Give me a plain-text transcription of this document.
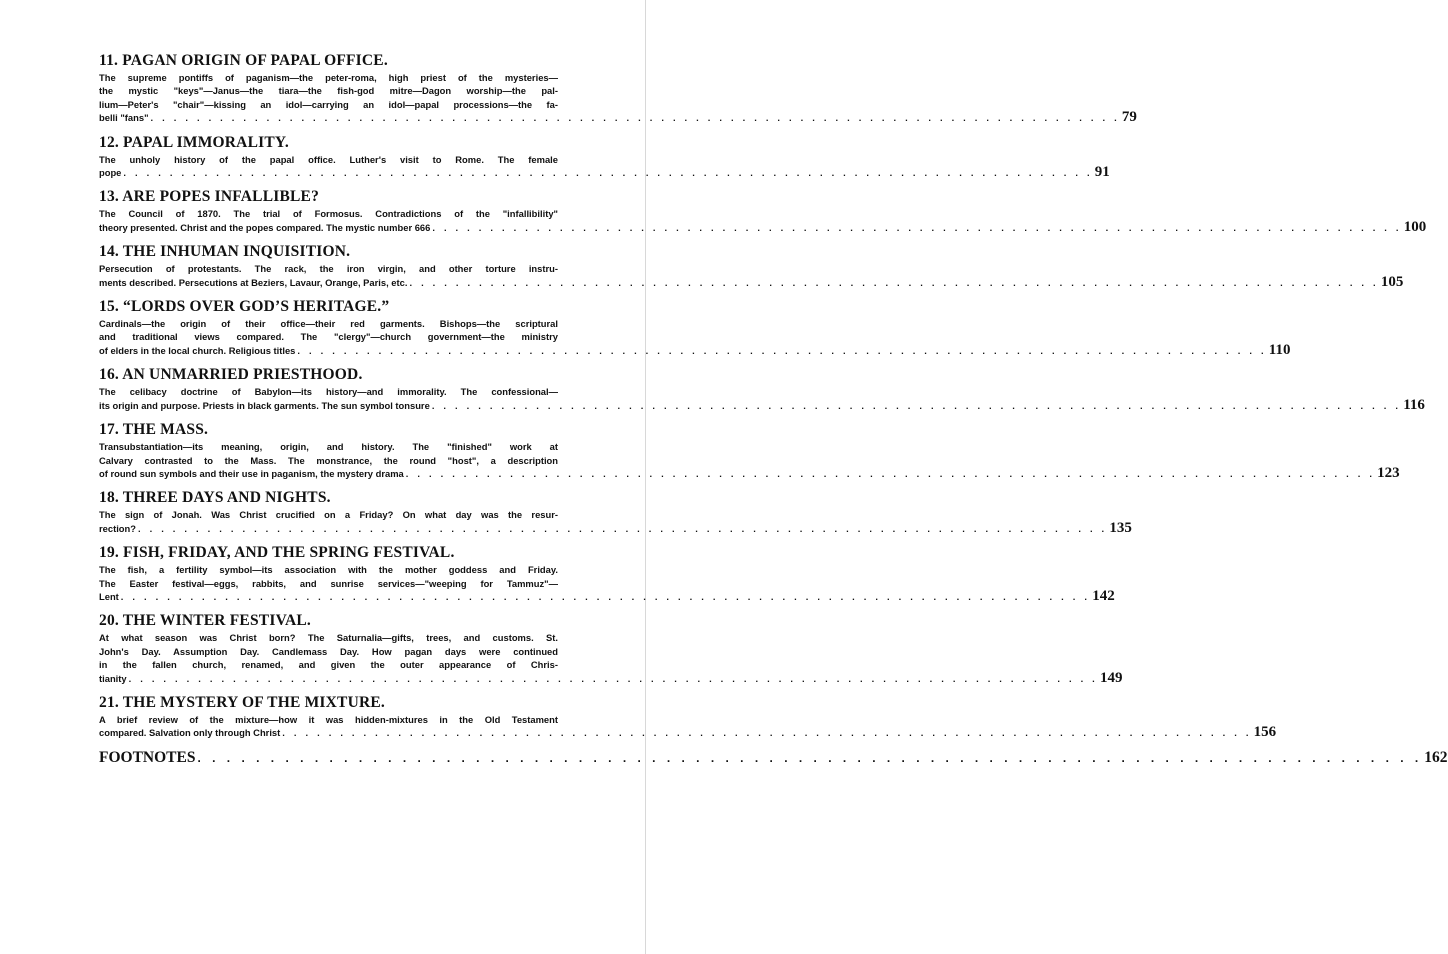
11. PAGAN ORIGIN OF PAPAL OFFICE.
The supreme pontiffs of paganism—the peter-roma, high priest of the mysteries—
the mystic "keys"—Janus—the tiara—the fish-god mitre—Dagon worship—the pal-
lium—Peter's "chair"—kissing an idol—carrying an idol—papal processions—the fa-
belli "fans" . . . . . . . . . . . . . . . . . . . . . . . . . . . . . . . . . . . . . . . . . . . . . . . . . . . . . . . . . . . . . . . . . . . . . . . . . . . . . . . . . . . . 79
12. PAPAL IMMORALITY.
The unholy history of the papal office. Luther's visit to Rome. The female
pope . . . . . . . . . . . . . . . . . . . . . . . . . . . . . . . . . . . . . . . . . . . . . . . . . . . . . . . . . . . . . . . . . . . . . . . . . . . . . . . . . . . . 91
13. ARE POPES INFALLIBLE?
The Council of 1870. The trial of Formosus. Contradictions of the "infallibility"
theory presented. Christ and the popes compared. The mystic number 666 . . . . . . . . . . . . . . . . . . . . . . . . . . . . . . . . . . . . . . . . . . . . . . . . . . . . . . . . . . . . . . . . . . . . . . . . . . . . . . . . . . . . 100
14. THE INHUMAN INQUISITION.
Persecution of protestants. The rack, the iron virgin, and other torture instru-
ments described. Persecutions at Beziers, Lavaur, Orange, Paris, etc. . . . . . . . . . . . . . . . . . . . . . . . . . . . . . . . . . . . . . . . . . . . . . . . . . . . . . . . . . . . . . . . . . . . . . . . . . . . . . . . . . . . . 105
15. “LORDS OVER GOD’S HERITAGE.”
Cardinals—the origin of their office—their red garments. Bishops—the scriptural
and traditional views compared. The "clergy"—church government—the ministry
of elders in the local church. Religious titles . . . . . . . . . . . . . . . . . . . . . . . . . . . . . . . . . . . . . . . . . . . . . . . . . . . . . . . . . . . . . . . . . . . . . . . . . . . . . . . . . . . . 110
16. AN UNMARRIED PRIESTHOOD.
The celibacy doctrine of Babylon—its history—and immorality. The confessional—
its origin and purpose. Priests in black garments. The sun symbol tonsure . . . . . . . . . . . . . . . . . . . . . . . . . . . . . . . . . . . . . . . . . . . . . . . . . . . . . . . . . . . . . . . . . . . . . . . . . . . . . . . . . . . . 116
17. THE MASS.
Transubstantiation—its meaning, origin, and history. The "finished" work at
Calvary contrasted to the Mass. The monstrance, the round "host", a description
of round sun symbols and their use in paganism, the mystery drama . . . . . . . . . . . . . . . . . . . . . . . . . . . . . . . . . . . . . . . . . . . . . . . . . . . . . . . . . . . . . . . . . . . . . . . . . . . . . . . . . . . . 123
18. THREE DAYS AND NIGHTS.
The sign of Jonah. Was Christ crucified on a Friday? On what day was the resur-
rection? . . . . . . . . . . . . . . . . . . . . . . . . . . . . . . . . . . . . . . . . . . . . . . . . . . . . . . . . . . . . . . . . . . . . . . . . . . . . . . . . . . . . 135
19. FISH, FRIDAY, AND THE SPRING FESTIVAL.
The fish, a fertility symbol—its association with the mother goddess and Friday.
The Easter festival—eggs, rabbits, and sunrise services—"weeping for Tammuz"—
Lent . . . . . . . . . . . . . . . . . . . . . . . . . . . . . . . . . . . . . . . . . . . . . . . . . . . . . . . . . . . . . . . . . . . . . . . . . . . . . . . . . . . . 142
20. THE WINTER FESTIVAL.
At what season was Christ born? The Saturnalia—gifts, trees, and customs. St.
John's Day. Assumption Day. Candlemass Day. How pagan days were continued
in the fallen church, renamed, and given the outer appearance of Chris-
tianity . . . . . . . . . . . . . . . . . . . . . . . . . . . . . . . . . . . . . . . . . . . . . . . . . . . . . . . . . . . . . . . . . . . . . . . . . . . . . . . . . . . . 149
21. THE MYSTERY OF THE MIXTURE.
A brief review of the mixture—how it was hidden-mixtures in the Old Testament
compared. Salvation only through Christ . . . . . . . . . . . . . . . . . . . . . . . . . . . . . . . . . . . . . . . . . . . . . . . . . . . . . . . . . . . . . . . . . . . . . . . . . . . . . . . . . . . . 156
FOOTNOTES . . . . . . . . . . . . . . . . . . . . . . . . . . . . . . . . . . . . . . . . . . . . . . . . . . . . . . . . . . . . . . . . . . . . . . . . . . . . . . . . . . . . 162
